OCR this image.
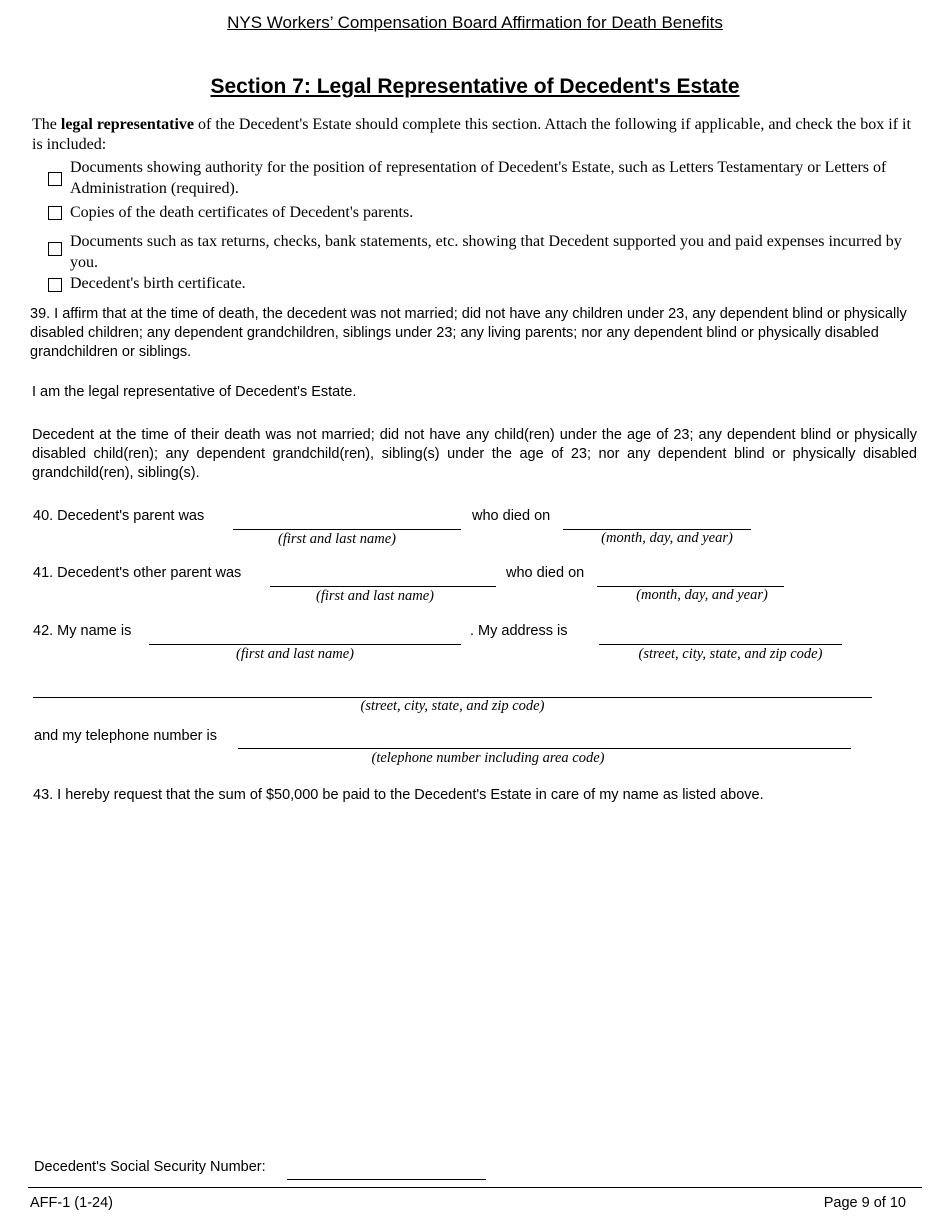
NYS Workers’ Compensation Board Affirmation for Death Benefits
Section 7: Legal Representative of Decedent's Estate
The legal representative of the Decedent's Estate should complete this section. Attach the following if applicable, and check the box if it is included:
Documents showing authority for the position of representation of Decedent's Estate, such as Letters Testamentary or Letters of Administration (required).
Copies of the death certificates of Decedent's parents.
Documents such as tax returns, checks, bank statements, etc. showing that Decedent supported you and paid expenses incurred by you.
Decedent's birth certificate.
39. I affirm that at the time of death, the decedent was not married; did not have any children under 23, any dependent blind or physically disabled children; any dependent grandchildren, siblings under 23; any living parents; nor any dependent blind or physically disabled grandchildren or siblings.
I am the legal representative of Decedent's Estate.
Decedent at the time of their death was not married; did not have any child(ren) under the age of 23; any dependent blind or physically disabled child(ren); any dependent grandchild(ren), sibling(s) under the age of 23; nor any dependent blind or physically disabled grandchild(ren), sibling(s).
40. Decedent's parent was
(first and last name)
who died on
(month, day, and year)
41. Decedent's other parent was
(first and last name)
who died on
(month, day, and year)
42. My name is
(first and last name)
. My address is
(street, city, state, and zip code)
(street, city, state, and zip code)
and my telephone number is
(telephone number including area code)
43. I hereby request that the sum of $50,000 be paid to the Decedent's Estate in care of my name as listed above.
Decedent's Social Security Number:
AFF-1 (1-24)	Page 9 of 10
